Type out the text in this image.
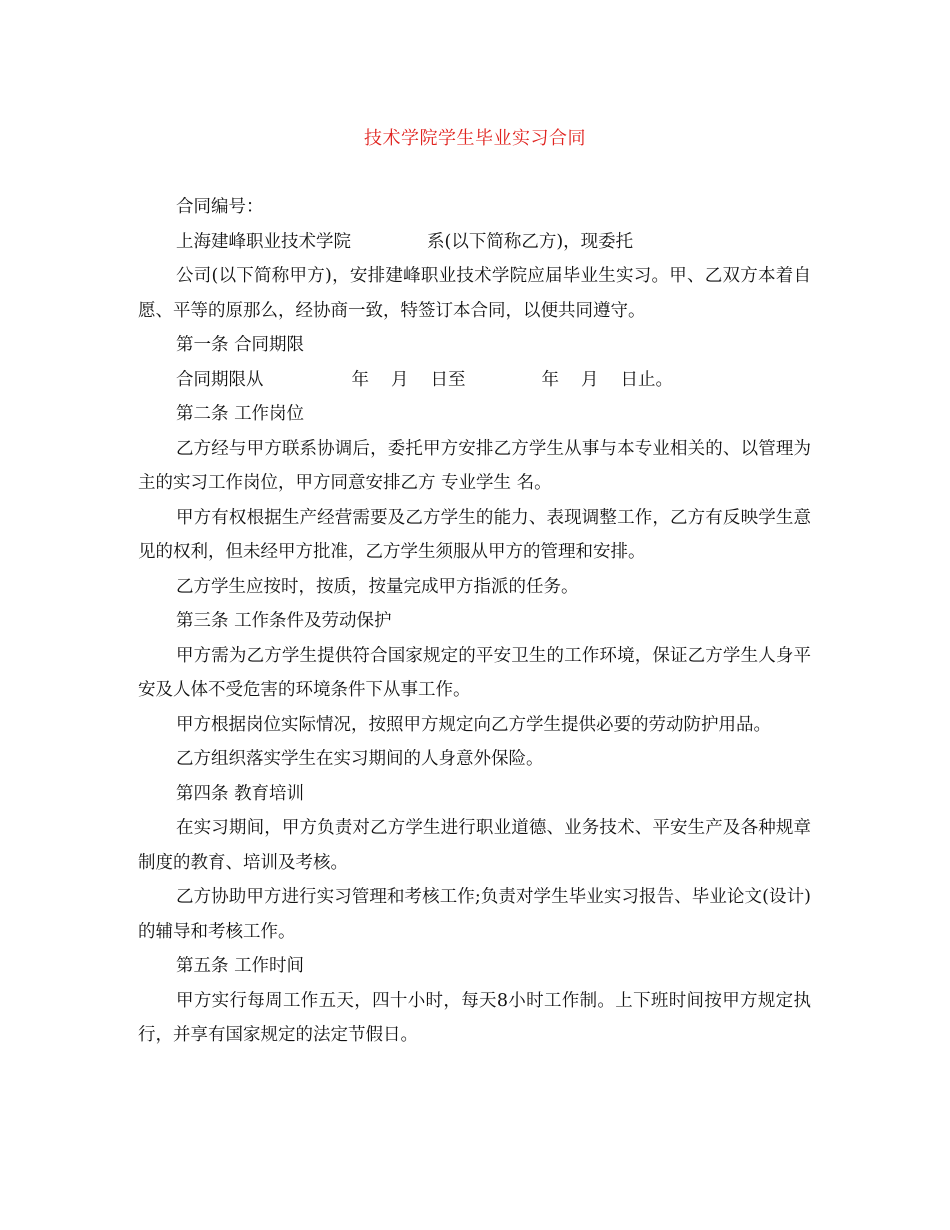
技术学院学生毕业实习合同

合同编号：

上海建峰职业技术学院	系(以下简称乙方)，现委托

公司(以下简称甲方)，安排建峰职业技术学院应届毕业生实习。甲、乙双方本着自愿、平等的原那么，经协商一致，特签订本合同，以便共同遵守。

第一条 合同期限

合同期限从	年 月 日至	年 月 日止。

第二条 工作岗位

乙方经与甲方联系协调后，委托甲方安排乙方学生从事与本专业相关的、以管理为主的实习工作岗位，甲方同意安排乙方 专业学生 名。

甲方有权根据生产经营需要及乙方学生的能力、表现调整工作，乙方有反映学生意见的权利，但未经甲方批准，乙方学生须服从甲方的管理和安排。

乙方学生应按时，按质，按量完成甲方指派的任务。

第三条 工作条件及劳动保护

甲方需为乙方学生提供符合国家规定的平安卫生的工作环境，保证乙方学生人身平安及人体不受危害的环境条件下从事工作。

甲方根据岗位实际情况，按照甲方规定向乙方学生提供必要的劳动防护用品。

乙方组织落实学生在实习期间的人身意外保险。

第四条 教育培训

在实习期间，甲方负责对乙方学生进行职业道德、业务技术、平安生产及各种规章制度的教育、培训及考核。

乙方协助甲方进行实习管理和考核工作;负责对学生毕业实习报告、毕业论文(设计)的辅导和考核工作。

第五条 工作时间

甲方实行每周工作五天，四十小时，每天8小时工作制。上下班时间按甲方规定执行，并享有国家规定的法定节假日。
